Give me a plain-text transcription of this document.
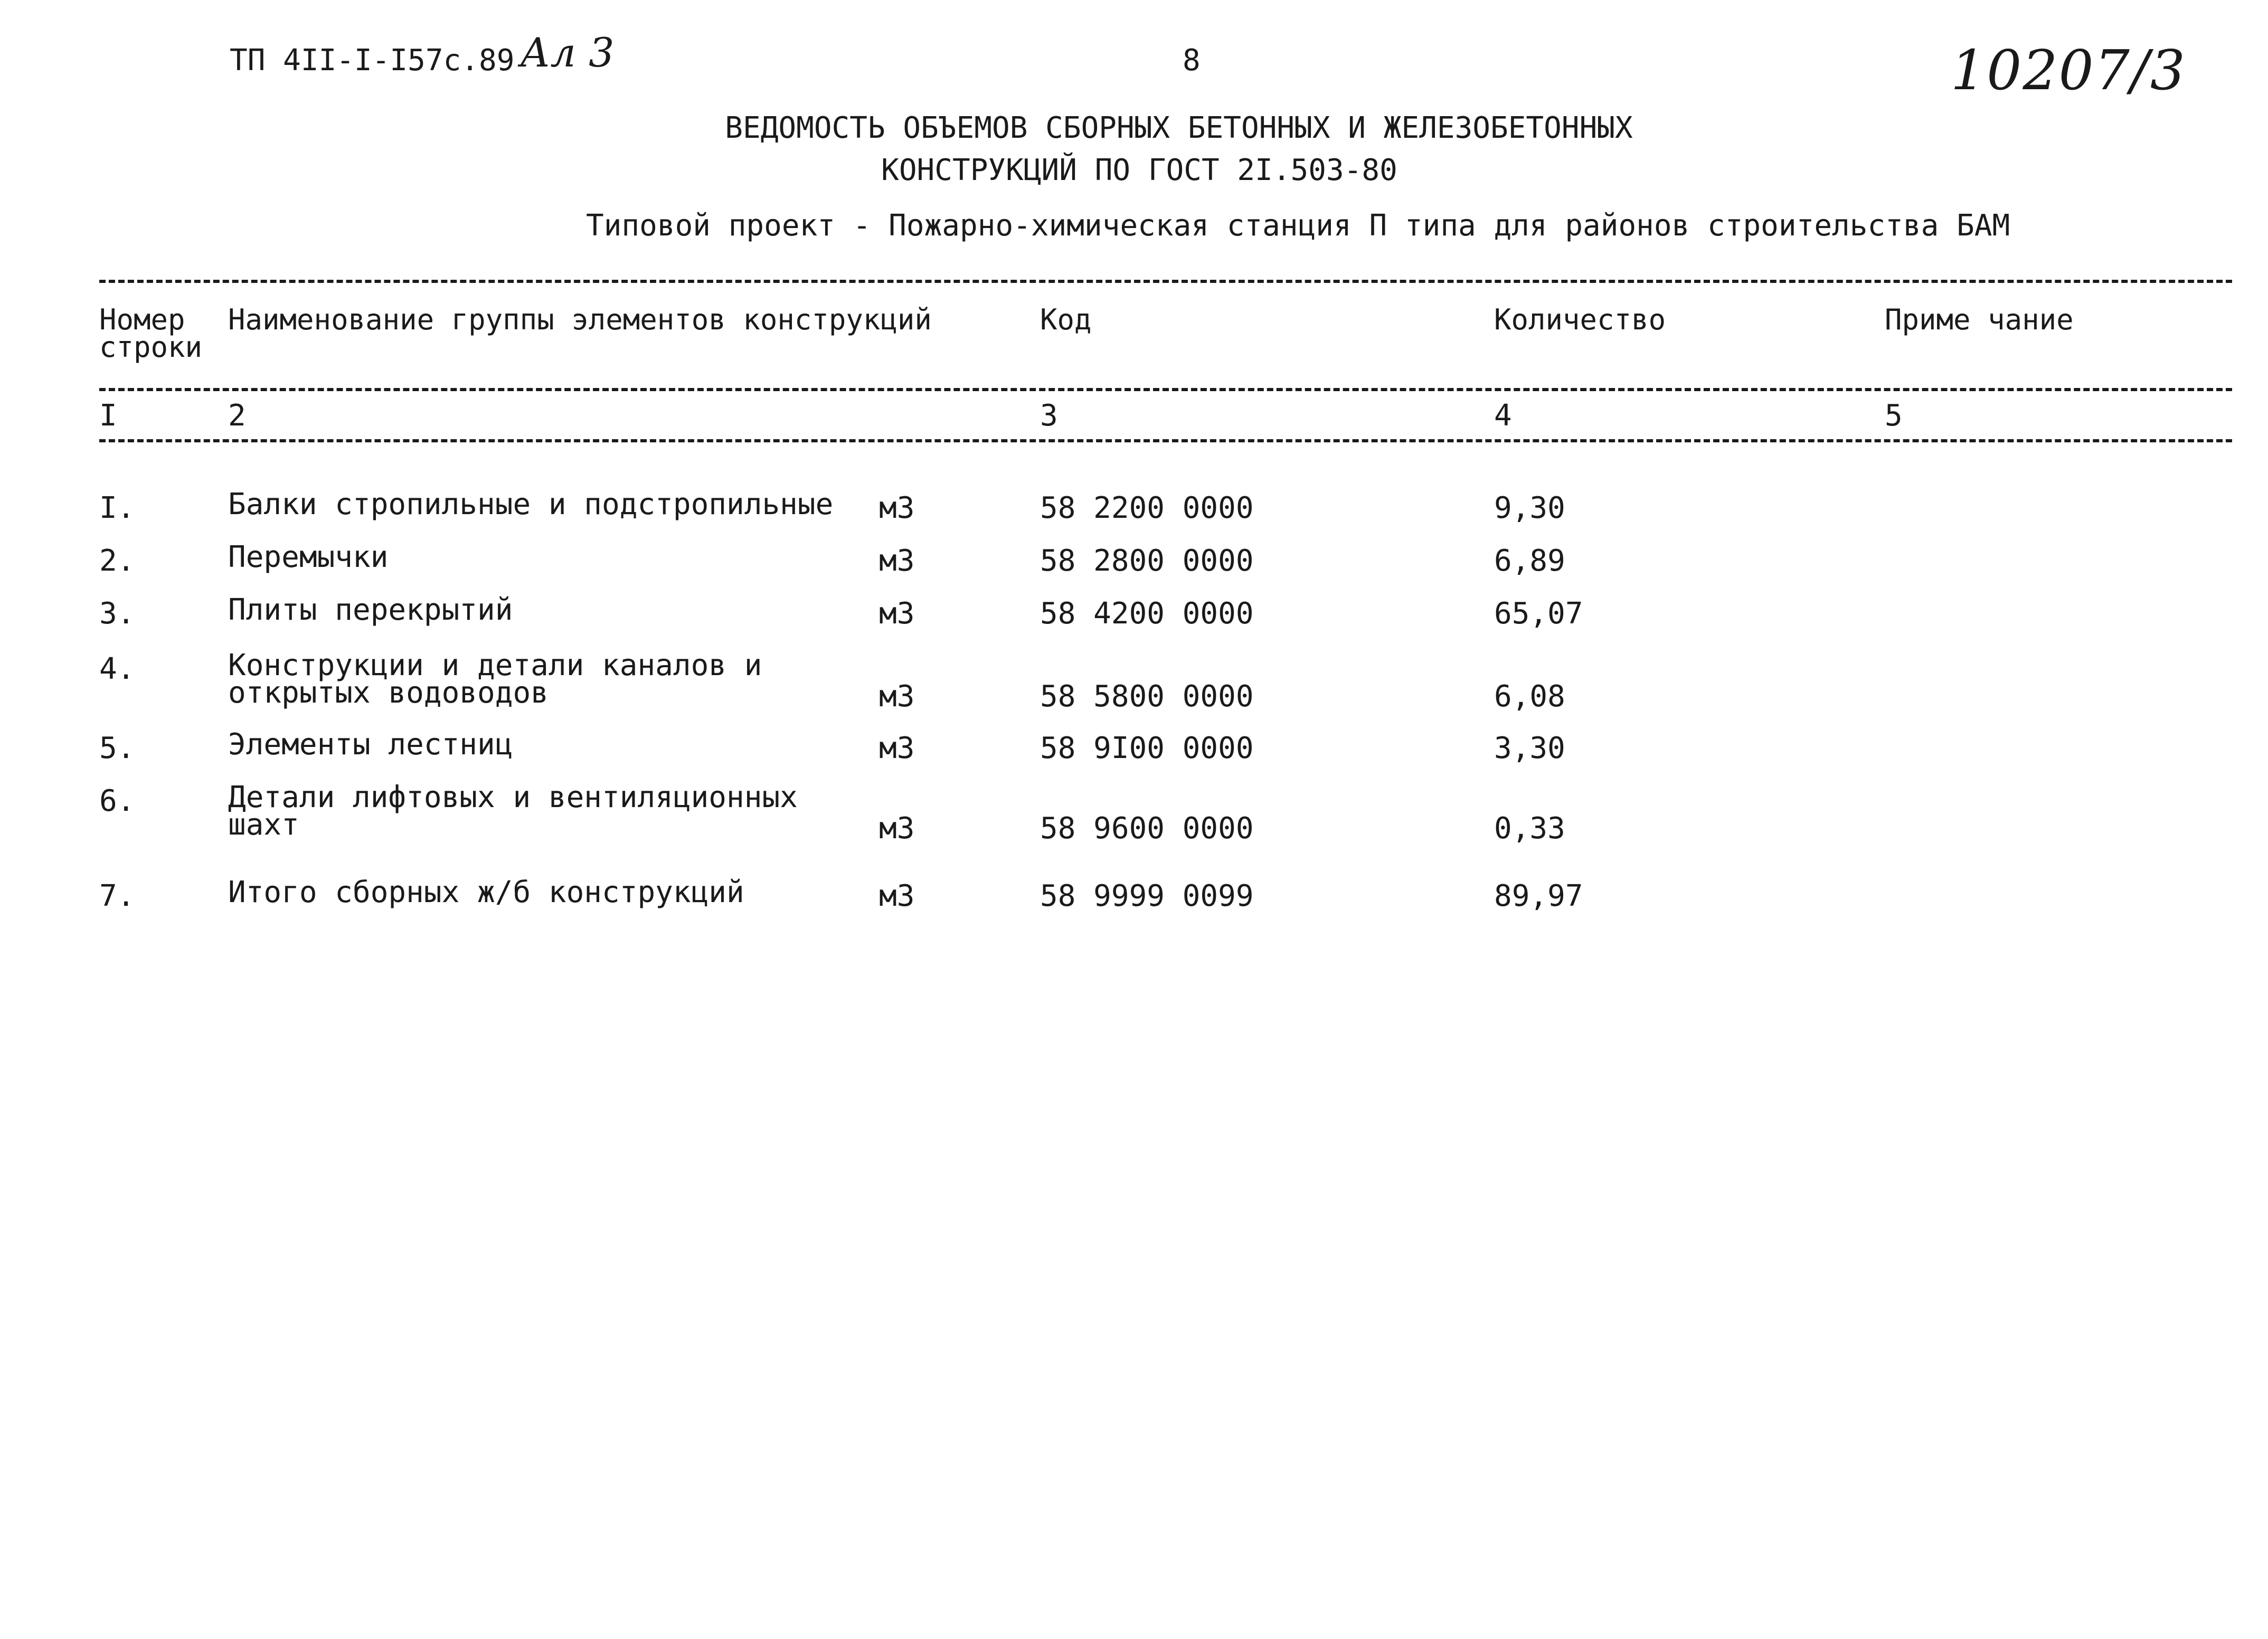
ТП 4II-I-I57с.89 Ал 3	8	10207/3
ВЕДОМОСТЬ ОБЪЕМОВ СБОРНЫХ БЕТОННЫХ И ЖЕЛЕЗОБЕТОННЫХ
КОНСТРУКЦИЙ ПО ГОСТ 2I.503-80
Типовой проект - Пожарно-химическая станция П типа для районов строительства БАМ
Номер
строки
Наименование группы элементов конструкций	Код	Количество	Приме чание
I	2	3	4	5
I.	Балки стропильные и подстропильные м3	58 2200 0000	9,30
2.	Перемычки	м3	58 2800 0000	6,89
3.	Плиты перекрытий	м3	58 4200 0000	65,07
4.	Конструкции и детали каналов и
открытых водоводов	м3	58 5800 0000	6,08
5.	Элементы лестниц	м3	58 9I00 0000	3,30
6.	Детали лифтовых и вентиляционных
шахт	м3	58 9600 0000	0,33
7.	Итого сборных ж/б конструкций	м3	58 9999 0099	89,97
